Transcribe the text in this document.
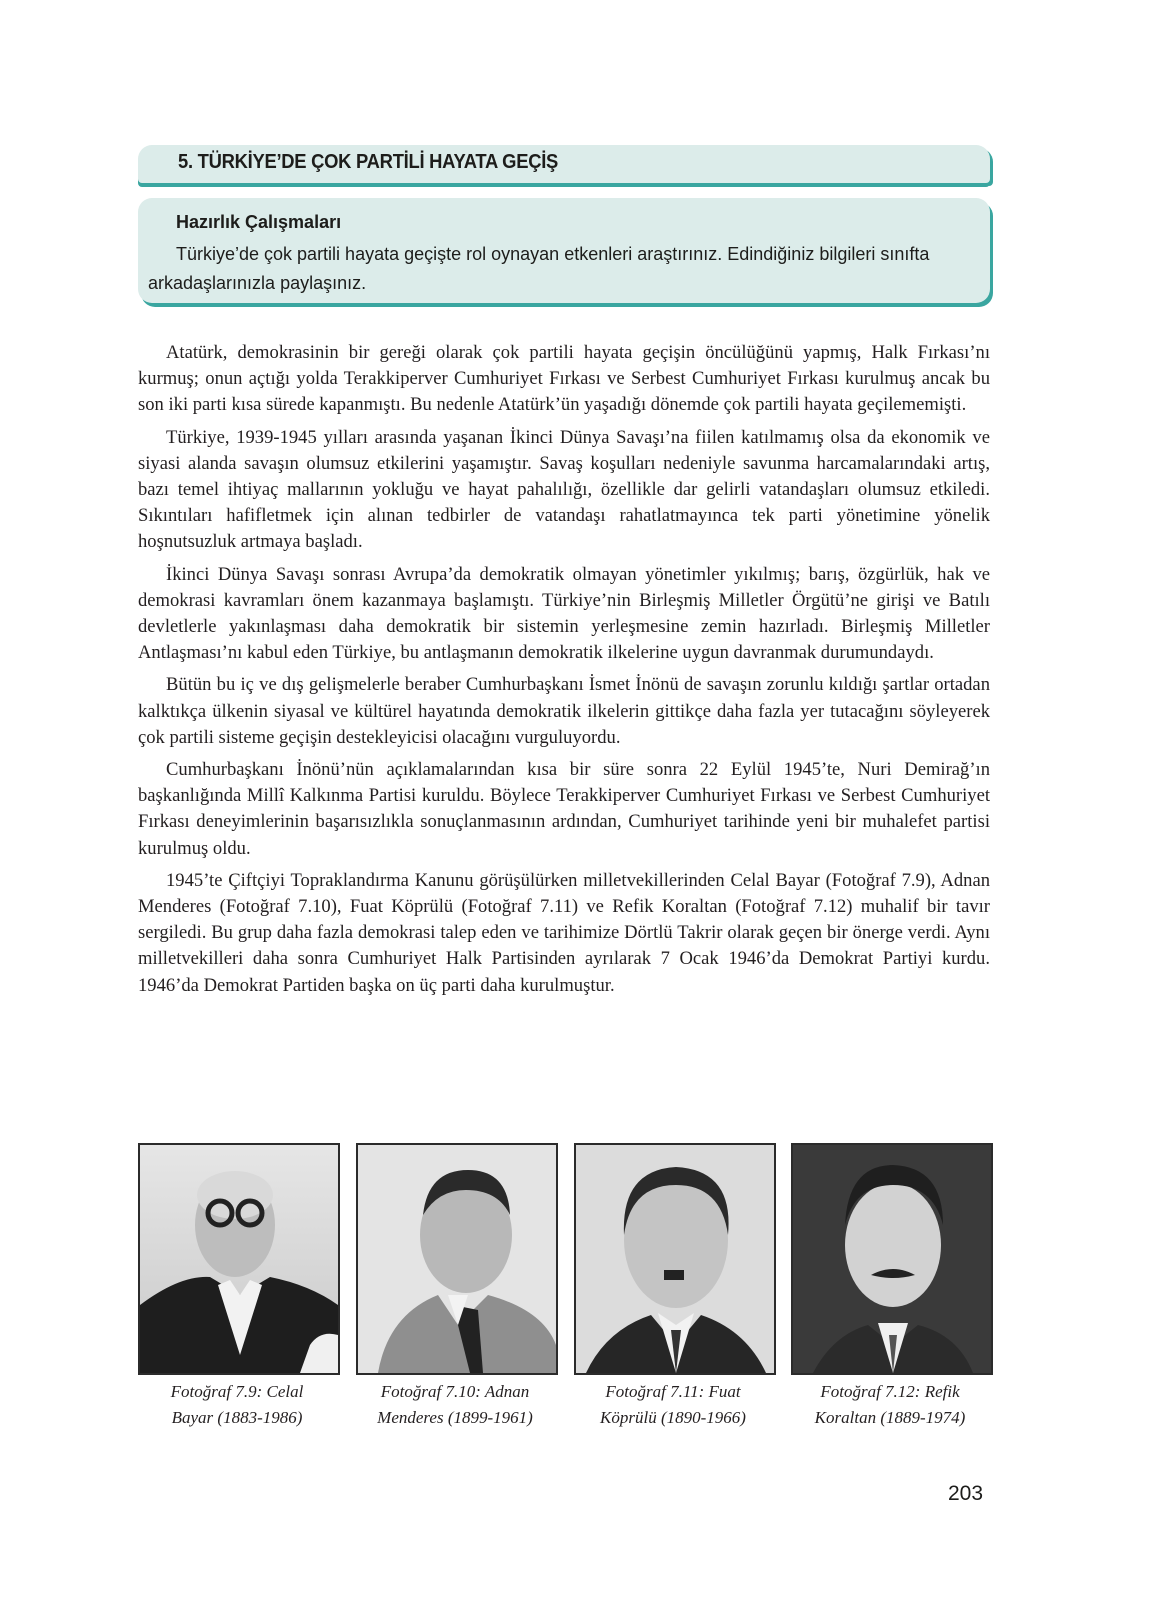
5. TÜRKİYE’DE ÇOK PARTİLİ HAYATA GEÇİŞ
Hazırlık Çalışmaları
Türkiye’de çok partili hayata geçişte rol oynayan etkenleri araştırınız. Edindiğiniz bilgileri sınıfta arkadaşlarınızla paylaşınız.

Atatürk, demokrasinin bir gereği olarak çok partili hayata geçişin öncülüğünü yapmış, Halk Fırkası’nı kurmuş; onun açtığı yolda Terakkiperver Cumhuriyet Fırkası ve Serbest Cumhuriyet Fırkası kurulmuş ancak bu son iki parti kısa sürede kapanmıştı. Bu nedenle Atatürk’ün yaşadığı dönemde çok partili hayata geçilememişti.

Türkiye, 1939-1945 yılları arasında yaşanan İkinci Dünya Savaşı’na fiilen katılmamış olsa da ekonomik ve siyasi alanda savaşın olumsuz etkilerini yaşamıştır. Savaş koşulları nedeniyle savunma harcamalarındaki artış, bazı temel ihtiyaç mallarının yokluğu ve hayat pahalılığı, özellikle dar gelirli vatandaşları olumsuz etkiledi. Sıkıntıları hafifletmek için alınan tedbirler de vatandaşı rahatlatmayınca tek parti yönetimine yönelik hoşnutsuzluk artmaya başladı.

İkinci Dünya Savaşı sonrası Avrupa’da demokratik olmayan yönetimler yıkılmış; barış, özgürlük, hak ve demokrasi kavramları önem kazanmaya başlamıştı. Türkiye’nin Birleşmiş Milletler Örgütü’ne girişi ve Batılı devletlerle yakınlaşması daha demokratik bir sistemin yerleşmesine zemin hazırladı. Birleşmiş Milletler Antlaşması’nı kabul eden Türkiye, bu antlaşmanın demokratik ilkelerine uygun davranmak durumundaydı.

Bütün bu iç ve dış gelişmelerle beraber Cumhurbaşkanı İsmet İnönü de savaşın zorunlu kıldığı şartlar ortadan kalktıkça ülkenin siyasal ve kültürel hayatında demokratik ilkelerin gittikçe daha fazla yer tutacağını söyleyerek çok partili sisteme geçişin destekleyicisi olacağını vurguluyordu.

Cumhurbaşkanı İnönü’nün açıklamalarından kısa bir süre sonra 22 Eylül 1945’te, Nuri Demirağ’ın başkanlığında Millî Kalkınma Partisi kuruldu. Böylece Terakkiperver Cumhuriyet Fırkası ve Serbest Cumhuriyet Fırkası deneyimlerinin başarısızlıkla sonuçlanmasının ardından, Cumhuriyet tarihinde yeni bir muhalefet partisi kurulmuş oldu.

1945’te Çiftçiyi Topraklandırma Kanunu görüşülürken milletvekillerinden Celal Bayar (Fotoğraf 7.9), Adnan Menderes (Fotoğraf 7.10), Fuat Köprülü (Fotoğraf 7.11) ve Refik Koraltan (Fotoğraf 7.12) muhalif bir tavır sergiledi. Bu grup daha fazla demokrasi talep eden ve tarihimize Dörtlü Takrir olarak geçen bir önerge verdi. Aynı milletvekilleri daha sonra Cumhuriyet Halk Partisinden ayrılarak 7 Ocak 1946’da Demokrat Partiyi kurdu. 1946’da Demokrat Partiden başka on üç parti daha kurulmuştur.

Fotoğraf 7.9: Celal
Bayar (1883-1986)
Fotoğraf 7.10: Adnan
Menderes (1899-1961)
Fotoğraf 7.11: Fuat
Köprülü (1890-1966)
Fotoğraf 7.12: Refik
Koraltan (1889-1974)
203
